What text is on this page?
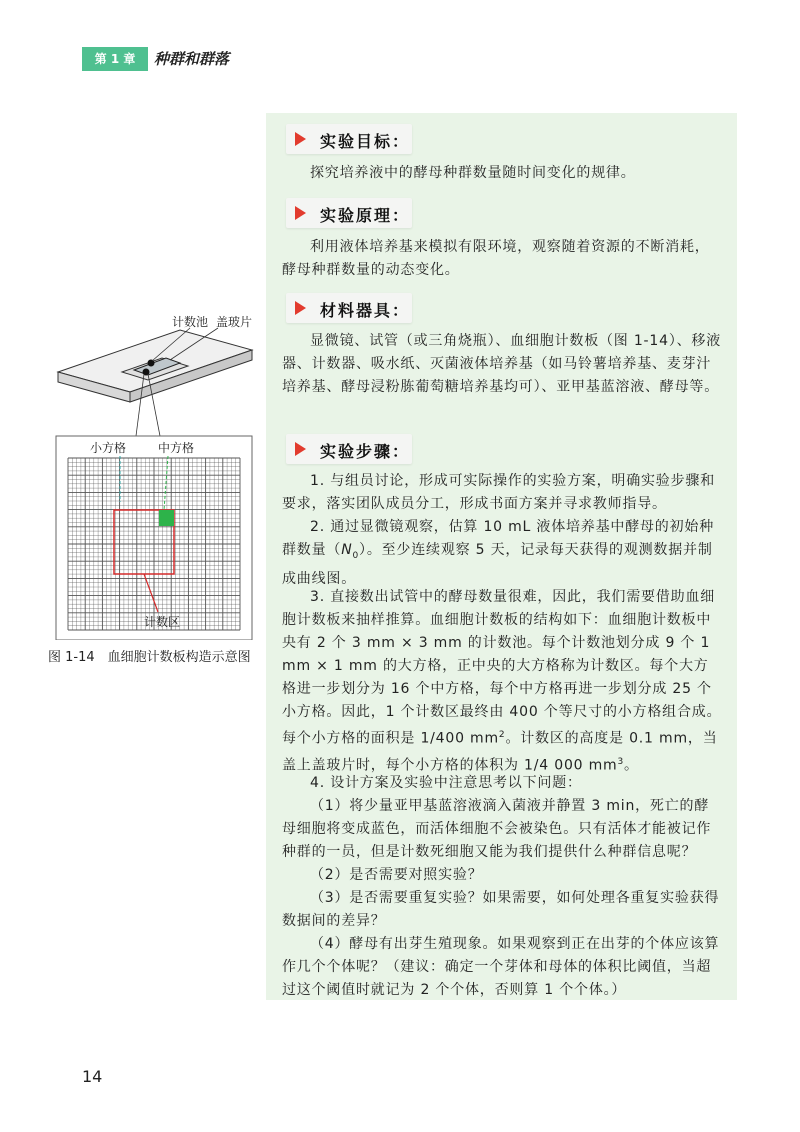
第 1 章	种群和群落
实验目标：

探究培养液中的酵母种群数量随时间变化的规律。

实验原理：

利用液体培养基来模拟有限环境，观察随着资源的不断消耗，酵母种群数量的动态变化。

材料器具：

显微镜、试管（或三角烧瓶）、血细胞计数板（图 1-14）、移液器、计数器、吸水纸、灭菌液体培养基（如马铃薯培养基、麦芽汁培养基、酵母浸粉胨葡萄糖培养基均可）、亚甲基蓝溶液、酵母等。

实验步骤：

1. 与组员讨论，形成可实际操作的实验方案，明确实验步骤和要求，落实团队成员分工，形成书面方案并寻求教师指导。

2. 通过显微镜观察，估算 10 mL 液体培养基中酵母的初始种群数量$(N_0)$。至少连续观察 5 天，记录每天获得的观测数据并制成曲线图。

3. 直接数出试管中的酵母数量很难，因此，我们需要借助血细胞计数板来抽样推算。血细胞计数板的结构如下：血细胞计数板中央有 2 个 3 mm × 3 mm 的计数池。每个计数池划分成 9 个 1 mm × 1 mm 的大方格，正中央的大方格称为计数区。每个大方格进一步划分为 16 个中方格，每个中方格再进一步划分成 25 个小方格。因此，1 个计数区最终由 400 个等尺寸的小方格组合成。每个小方格的面积是 1/400 $mm^2$。计数区的高度是 0.1 mm，当盖上盖玻片时，每个小方格的体积为 1/4 000 $mm^3$。

4. 设计方案及实验中注意思考以下问题：

（1）将少量亚甲基蓝溶液滴入菌液并静置 3 min，死亡的酵母细胞将变成蓝色，而活体细胞不会被染色。只有活体才能被记作种群的一员，但是计数死细胞又能为我们提供什么种群信息呢？

（2）是否需要对照实验？

（3）是否需要重复实验？如果需要，如何处理各重复实验获得数据间的差异？

（4）酵母有出芽生殖现象。如果观察到正在出芽的个体应该算作几个个体呢？（建议：确定一个芽体和母体的体积比阈值，当超过这个阈值时就记为 2 个个体，否则算 1 个个体。）

计数池 盖玻片
小方格	中方格
计数区
图 1-14　血细胞计数板构造示意图
14
